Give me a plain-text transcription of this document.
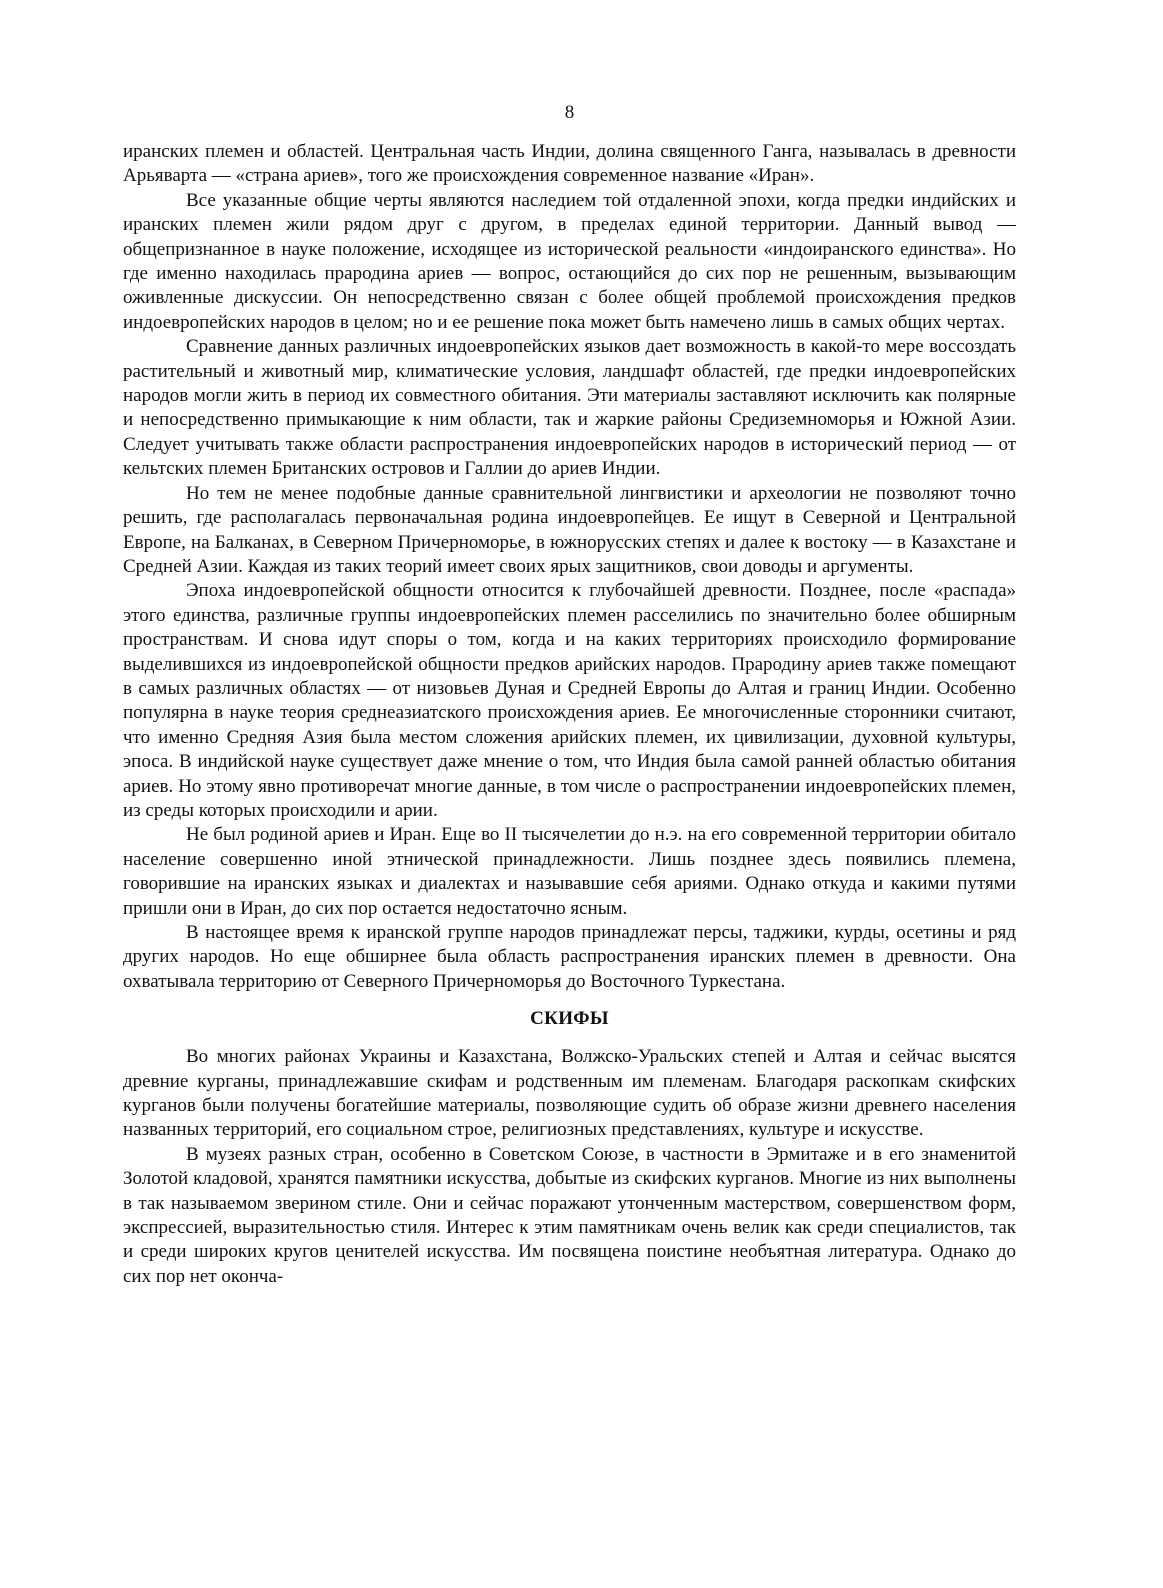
8

иранских племен и областей. Центральная часть Индии, долина священного Ганга, называлась в древности Арьяварта — «страна ариев», того же происхождения современное название «Иран».

Все указанные общие черты являются наследием той отдаленной эпохи, когда предки индийских и иранских племен жили рядом друг с другом, в пределах единой территории. Данный вывод — общепризнанное в науке положение, исходящее из исторической реальности «индоиранского единства». Но где именно находилась прародина ариев — вопрос, остающийся до сих пор не решенным, вызывающим оживленные дискуссии. Он непосредственно связан с более общей проблемой происхождения предков индоевропейских народов в целом; но и ее решение пока может быть намечено лишь в самых общих чертах.

Сравнение данных различных индоевропейских языков дает возможность в какой-то мере воссоздать растительный и животный мир, климатические условия, ландшафт областей, где предки индоевропейских народов могли жить в период их совместного обитания. Эти материалы заставляют исключить как полярные и непосредственно примыкающие к ним области, так и жаркие районы Средиземноморья и Южной Азии. Следует учитывать также области распространения индоевропейских народов в исторический период — от кельтских племен Британских островов и Галлии до ариев Индии.

Но тем не менее подобные данные сравнительной лингвистики и археологии не позволяют точно решить, где располагалась первоначальная родина индоевропейцев. Ее ищут в Северной и Центральной Европе, на Балканах, в Северном Причерноморье, в южнорусских степях и далее к востоку — в Казахстане и Средней Азии. Каждая из таких теорий имеет своих ярых защитников, свои доводы и аргументы.

Эпоха индоевропейской общности относится к глубочайшей древности. Позднее, после «распада» этого единства, различные группы индоевропейских племен расселились по значительно более обширным пространствам. И снова идут споры о том, когда и на каких территориях происходило формирование выделившихся из индоевропейской общности предков арийских народов. Прародину ариев также помещают в самых различных областях — от низовьев Дуная и Средней Европы до Алтая и границ Индии. Особенно популярна в науке теория среднеазиатского происхождения ариев. Ее многочисленные сторонники считают, что именно Средняя Азия была местом сложения арийских племен, их цивилизации, духовной культуры, эпоса. В индийской науке существует даже мнение о том, что Индия была самой ранней областью обитания ариев. Но этому явно противоречат многие данные, в том числе о распространении индоевропейских племен, из среды которых происходили и арии.

Не был родиной ариев и Иран. Еще во II тысячелетии до н.э. на его современной территории обитало население совершенно иной этнической принадлежности. Лишь позднее здесь появились племена, говорившие на иранских языках и диалектах и называвшие себя ариями. Однако откуда и какими путями пришли они в Иран, до сих пор остается недостаточно ясным.

В настоящее время к иранской группе народов принадлежат персы, таджики, курды, осетины и ряд других народов. Но еще обширнее была область распространения иранских племен в древности. Она охватывала территорию от Северного Причерноморья до Восточного Туркестана.

СКИФЫ

Во многих районах Украины и Казахстана, Волжско-Уральских степей и Алтая и сейчас высятся древние курганы, принадлежавшие скифам и родственным им племенам. Благодаря раскопкам скифских курганов были получены богатейшие материалы, позволяющие судить об образе жизни древнего населения названных территорий, его социальном строе, религиозных представлениях, культуре и искусстве.

В музеях разных стран, особенно в Советском Союзе, в частности в Эрмитаже и в его знаменитой Золотой кладовой, хранятся памятники искусства, добытые из скифских курганов. Многие из них выполнены в так называемом зверином стиле. Они и сейчас поражают утонченным мастерством, совершенством форм, экспрессией, выразительностью стиля. Интерес к этим памятникам очень велик как среди специалистов, так и среди широких кругов ценителей искусства. Им посвящена поистине необъятная литература. Однако до сих пор нет оконча-
